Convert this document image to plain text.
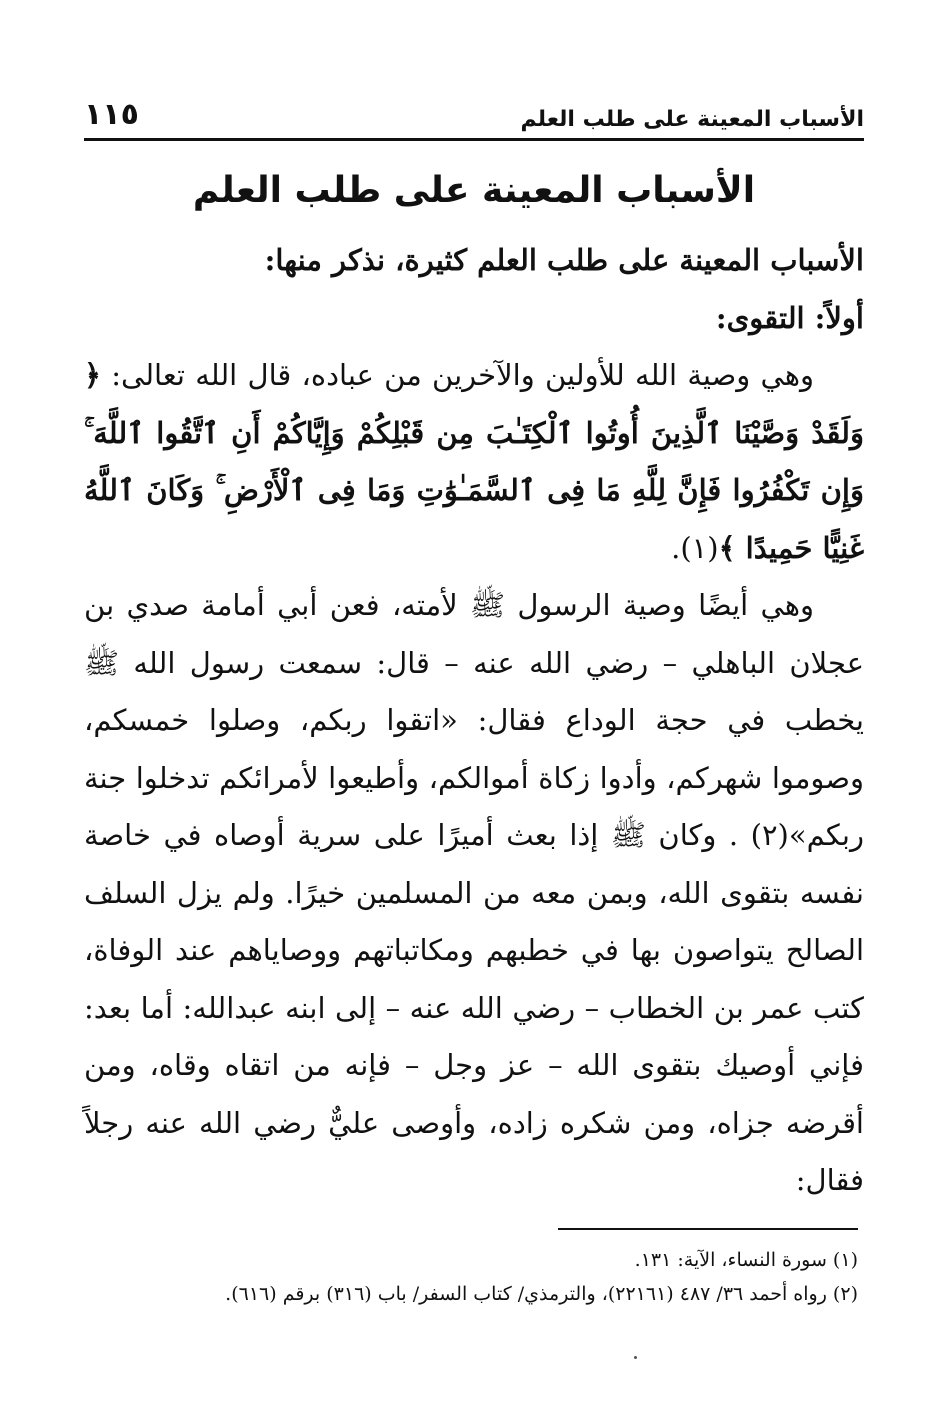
الأسباب المعينة على طلب العلم
١١٥
الأسباب المعينة على طلب العلم

الأسباب المعينة على طلب العلم كثيرة، نذكر منها:

أولاً: التقوى:

وهي وصية الله للأولين والآخرين من عباده، قال الله تعالى: ﴿ وَلَقَدْ وَصَّيْنَا ٱلَّذِينَ أُوتُوا ٱلْكِتَـٰبَ مِن قَبْلِكُمْ وَإِيَّاكُمْ أَنِ ٱتَّقُوا ٱللَّهَ ۚ وَإِن تَكْفُرُوا فَإِنَّ لِلَّهِ مَا فِى ٱلسَّمَـٰوَٰتِ وَمَا فِى ٱلْأَرْضِ ۚ وَكَانَ ٱللَّهُ غَنِيًّا حَمِيدًا ﴾(١).

وهي أيضًا وصية الرسول ﷺ لأمته، فعن أبي أمامة صدي بن عجلان الباهلي – رضي الله عنه – قال: سمعت رسول الله ﷺ يخطب في حجة الوداع فقال: «اتقوا ربكم، وصلوا خمسكم، وصوموا شهركم، وأدوا زكاة أموالكم، وأطيعوا لأمرائكم تدخلوا جنة ربكم»(٢) . وكان ﷺ إذا بعث أميرًا على سرية أوصاه في خاصة نفسه بتقوى الله، وبمن معه من المسلمين خيرًا. ولم يزل السلف الصالح يتواصون بها في خطبهم ومكاتباتهم ووصاياهم عند الوفاة، كتب عمر بن الخطاب – رضي الله عنه – إلى ابنه عبدالله: أما بعد: فإني أوصيك بتقوى الله – عز وجل – فإنه من اتقاه وقاه، ومن أقرضه جزاه، ومن شكره زاده، وأوصى عليٌّ رضي الله عنه رجلاً فقال:

(١) سورة النساء، الآية: ١٣١.

(٢) رواه أحمد ٣٦/ ٤٨٧ (٢٢١٦١)، والترمذي/ كتاب السفر/ باب (٣١٦) برقم (٦١٦).
